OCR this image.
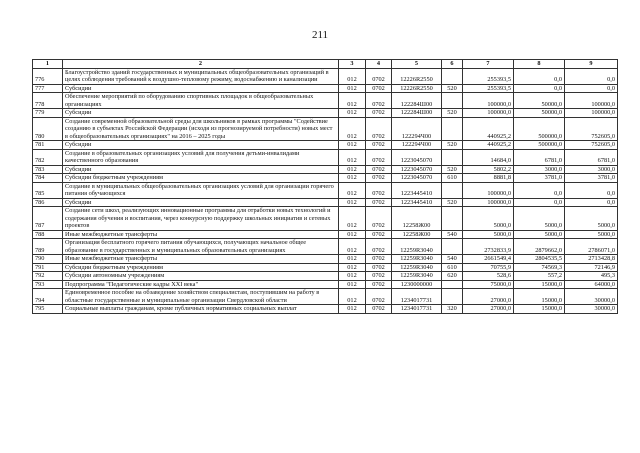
211
1	2	3	4	5	6	7	8	9
776	Благоустройство зданий государственных и муниципальных общеобразовательных организаций в целях соблюдения требований к воздушно-тепловому режиму, водоснабжению и канализации	012	0702	12226R2550		255393,5	0,0	0,0
777	Субсидии	012	0702	12226R2550	520	255393,5	0,0	0,0
778	Обеспечение мероприятий по оборудованию спортивных площадок в общеобразовательных организациях	012	0702	122284Ш00		100000,0	50000,0	100000,0
779	Субсидии	012	0702	122284Ш00	520	100000,0	50000,0	100000,0
780	Создание современной образовательной среды для школьников в рамках программы "Содействие созданию в субъектах Российской Федерации (исходя из прогнозируемой потребности) новых мест в общеобразовательных организациях" на 2016 – 2025 годы	012	0702	122294Ч00		440925,2	500000,0	752605,0
781	Субсидии	012	0702	122294Ч00	520	440925,2	500000,0	752605,0
782	Создание в образовательных организациях условий для получения детьми-инвалидами качественного образования	012	0702	1223045070		14684,0	6781,0	6781,0
783	Субсидии	012	0702	1223045070	520	5802,2	3000,0	3000,0
784	Субсидии бюджетным учреждениям	012	0702	1223045070	610	8881,8	3781,0	3781,0
785	Создание в муниципальных общеобразовательных организациях условий для организации горячего питания обучающихся	012	0702	1223445410		100000,0	0,0	0,0
786	Субсидии	012	0702	1223445410	520	100000,0	0,0	0,0
787	Создание сети школ, реализующих инновационные программы для отработки новых технологий и содержания обучения и воспитания, через конкурсную поддержку школьных инициатив и сетевых проектов	012	0702	12258Ж00		5000,0	5000,0	5000,0
788	Иные межбюджетные трансферты	012	0702	12258Ж00	540	5000,0	5000,0	5000,0
789	Организация бесплатного горячего питания обучающихся, получающих начальное общее образование в государственных и муниципальных образовательных организациях	012	0702	12259R3040		2732833,9	2879662,0	2786071,0
790	Иные межбюджетные трансферты	012	0702	12259R3040	540	2661549,4	2804535,5	2713428,8
791	Субсидии бюджетным учреждениям	012	0702	12259R3040	610	70755,9	74569,3	72146,9
792	Субсидии автономным учреждениям	012	0702	12259R3040	620	528,6	557,2	495,3
793	Подпрограмма "Педагогические кадры XXI века"	012	0702	1230000000		75000,0	15000,0	64000,0
794	Единовременное пособие на обзаведение хозяйством специалистам, поступившим на работу в областные государственные и муниципальные организации Свердловской области	012	0702	1234017731		27000,0	15000,0	30000,0
795	Социальные выплаты гражданам, кроме публичных нормативных социальных выплат	012	0702	1234017731	320	27000,0	15000,0	30000,0
